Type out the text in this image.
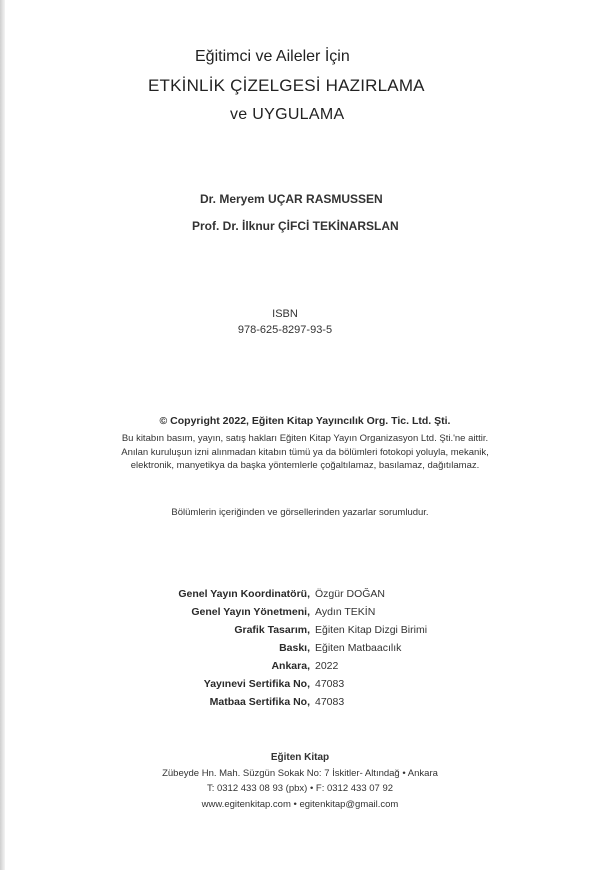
Eğitimci ve Aileler İçin
ETKİNLİK ÇİZELGESİ HAZIRLAMA
ve UYGULAMA
Dr. Meryem UÇAR RASMUSSEN
Prof. Dr. İlknur ÇİFCİ TEKİNARSLAN
ISBN
978-625-8297-93-5
© Copyright 2022, Eğiten Kitap Yayıncılık Org. Tic. Ltd. Şti.
Bu kitabın basım, yayın, satış hakları Eğiten Kitap Yayın Organizasyon Ltd. Şti.'ne aittir. Anılan kuruluşun izni alınmadan kitabın tümü ya da bölümleri fotokopi yoluyla, mekanik, elektronik, manyetikya da başka yöntemlerle çoğaltılamaz, basılamaz, dağıtılamaz.
Bölümlerin içeriğinden ve görsellerinden yazarlar sorumludur.
Genel Yayın Koordinatörü, Özgür DOĞAN
Genel Yayın Yönetmeni, Aydın TEKİN
Grafik Tasarım, Eğiten Kitap Dizgi Birimi
Baskı, Eğiten Matbaacılık
Ankara, 2022
Yayınevi Sertifika No, 47083
Matbaa Sertifika No, 47083
Eğiten Kitap
Zübeyde Hn. Mah. Süzgün Sokak No: 7 İskitler- Altındağ • Ankara
T: 0312 433 08 93 (pbx) • F: 0312 433 07 92
www.egitenkitap.com • egitenkitap@gmail.com
